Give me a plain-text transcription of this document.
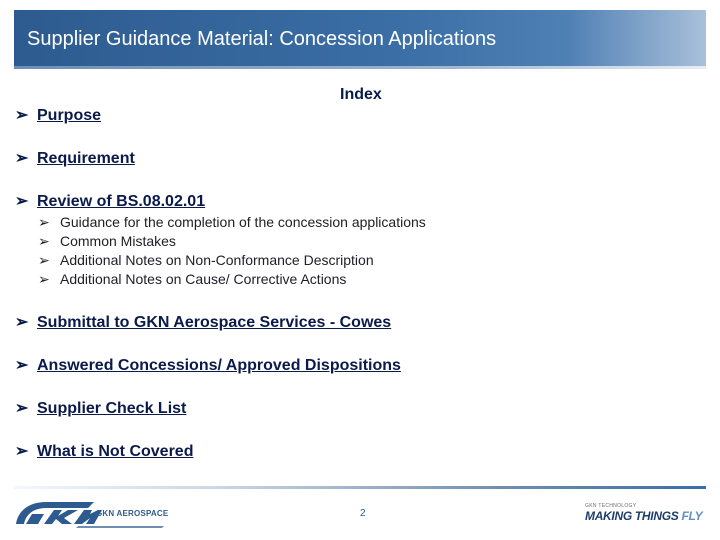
Supplier Guidance Material: Concession Applications
Index
➢ Purpose
➢ Requirement
➢ Review of BS.08.02.01
➢ Guidance for the completion of the concession applications
➢ Common Mistakes
➢ Additional Notes on Non-Conformance Description
➢ Additional Notes on Cause/ Corrective Actions
➢ Submittal to GKN Aerospace Services - Cowes
➢ Answered Concessions/ Approved Dispositions
➢ Supplier Check List
➢ What is Not Covered
GKN AEROSPACE	2
GKN TECHNOLOGY
MAKING THINGS FLY
